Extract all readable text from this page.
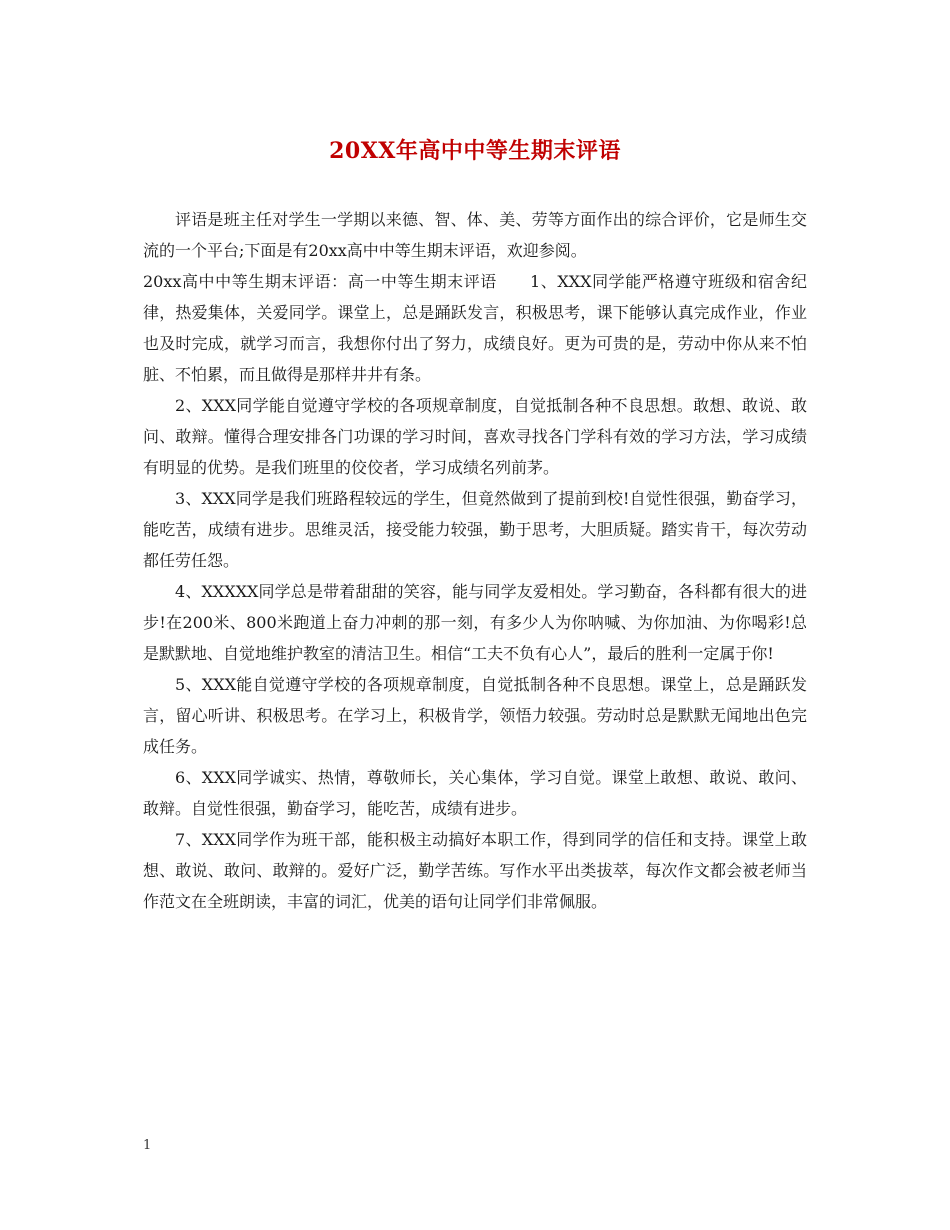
20XX年高中中等生期末评语

评语是班主任对学生一学期以来德、智、体、美、劳等方面作出的综合评价，它是师生交流的一个平台;下面是有20xx高中中等生期末评语，欢迎参阅。

20xx高中中等生期末评语：高一中等生期末评语　　1、XXX同学能严格遵守班级和宿舍纪律，热爱集体，关爱同学。课堂上，总是踊跃发言，积极思考，课下能够认真完成作业，作业也及时完成，就学习而言，我想你付出了努力，成绩良好。更为可贵的是，劳动中你从来不怕脏、不怕累，而且做得是那样井井有条。

2、XXX同学能自觉遵守学校的各项规章制度，自觉抵制各种不良思想。敢想、敢说、敢问、敢辩。懂得合理安排各门功课的学习时间，喜欢寻找各门学科有效的学习方法，学习成绩有明显的优势。是我们班里的佼佼者，学习成绩名列前茅。

3、XXX同学是我们班路程较远的学生，但竟然做到了提前到校!自觉性很强，勤奋学习，能吃苦，成绩有进步。思维灵活，接受能力较强，勤于思考，大胆质疑。踏实肯干，每次劳动都任劳任怨。

4、XXXXX同学总是带着甜甜的笑容，能与同学友爱相处。学习勤奋，各科都有很大的进步!在200米、800米跑道上奋力冲刺的那一刻，有多少人为你呐喊、为你加油、为你喝彩!总是默默地、自觉地维护教室的清洁卫生。相信“工夫不负有心人”，最后的胜利一定属于你!

5、XXX能自觉遵守学校的各项规章制度，自觉抵制各种不良思想。课堂上，总是踊跃发言，留心听讲、积极思考。在学习上，积极肯学，领悟力较强。劳动时总是默默无闻地出色完成任务。

6、XXX同学诚实、热情，尊敬师长，关心集体，学习自觉。课堂上敢想、敢说、敢问、敢辩。自觉性很强，勤奋学习，能吃苦，成绩有进步。

7、XXX同学作为班干部，能积极主动搞好本职工作，得到同学的信任和支持。课堂上敢想、敢说、敢问、敢辩的。爱好广泛，勤学苦练。写作水平出类拔萃，每次作文都会被老师当作范文在全班朗读，丰富的词汇，优美的语句让同学们非常佩服。

1
